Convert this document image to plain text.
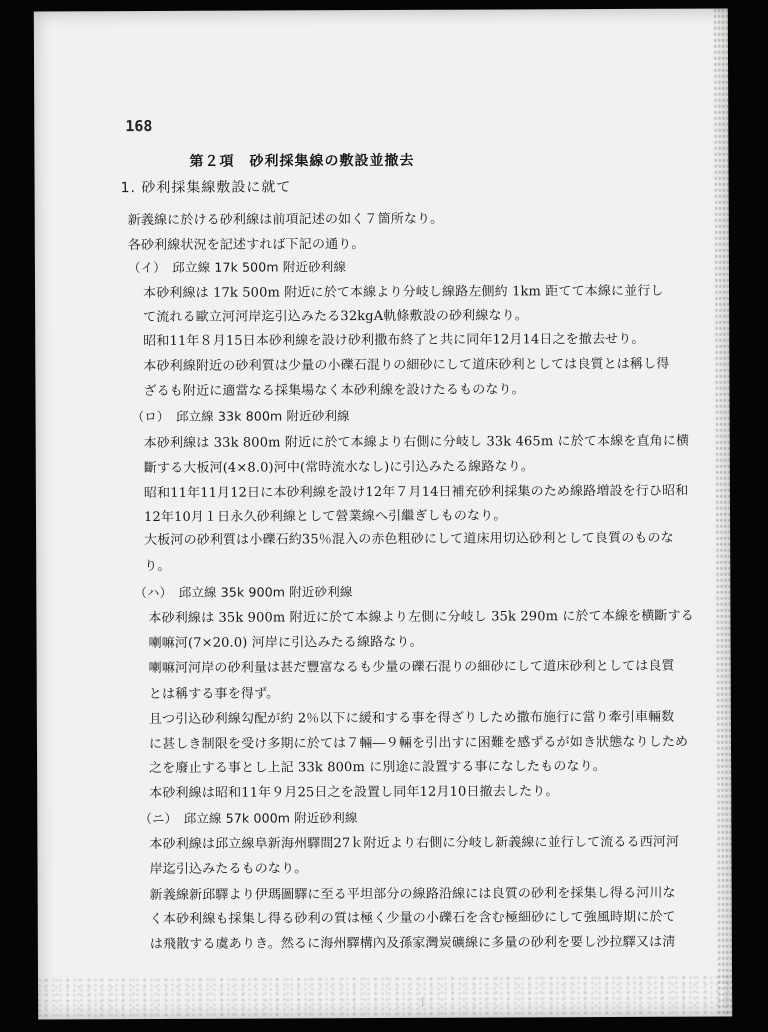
168
第２項　砂利採集線の敷設並撤去
1. 砂利採集線敷設に就て
新義線に於ける砂利線は前項記述の如く７箇所なり。
各砂利線状況を記述すれば下記の通り。
（イ）　邱立線 17k 500m 附近砂利線
本砂利線は 17k 500m 附近に於て本線より分岐し線路左側約 1km 距てて本線に並行し
て流れる歐立河河岸迄引込みたる32kgA軌條敷設の砂利線なり。
昭和11年８月15日本砂利線を設け砂利撒布終了と共に同年12月14日之を撤去せり。
本砂利線附近の砂利質は少量の小礫石混りの細砂にして道床砂利としては良質とは稱し得
ざるも附近に適當なる採集場なく本砂利線を設けたるものなり。
（ロ）　邱立線 33k 800m 附近砂利線
本砂利線は 33k 800m 附近に於て本線より右側に分岐し 33k 465m に於て本線を直角に横
斷する大板河(4×8.0)河中(常時流水なし)に引込みたる線路なり。
昭和11年11月12日に本砂利線を設け12年７月14日補充砂利採集のため線路増設を行ひ昭和
12年10月１日永久砂利線として營業線へ引繼ぎしものなり。
大板河の砂利質は小礫石約35％混入の赤色粗砂にして道床用切込砂利として良質のものな
り。
（ハ）　邱立線 35k 900m 附近砂利線
本砂利線は 35k 900m 附近に於て本線より左側に分岐し 35k 290m に於て本線を横斷する
喇嘛河(7×20.0) 河岸に引込みたる線路なり。
喇嘛河河岸の砂利量は甚だ豐富なるも少量の礫石混りの細砂にして道床砂利としては良質
とは稱する事を得ず。
且つ引込砂利線勾配が約 2％以下に緩和する事を得ざりしため撒布施行に當り牽引車輛数
に甚しき制限を受け多期に於ては７輛―９輛を引出すに困難を感ずるが如き狀態なりしため
之を廢止する事とし上記 33k 800m に別途に設置する事になしたものなり。
本砂利線は昭和11年９月25日之を設置し同年12月10日撤去したり。
（ニ）　邱立線 57k 000m 附近砂利線
本砂利線は邱立線阜新海州驛間27ｋ附近より右側に分岐し新義線に並行して流るる西河河
岸迄引込みたるものなり。
新義線新邱驛より伊瑪圖驛に至る平坦部分の線路沿線には良質の砂利を採集し得る河川な
く本砂利線も採集し得る砂利の質は極く少量の小礫石を含む極細砂にして強風時期に於て
は飛散する虞ありき。然るに海州驛構內及孫家灣炭礦線に多量の砂利を要し沙拉驛又は淸
